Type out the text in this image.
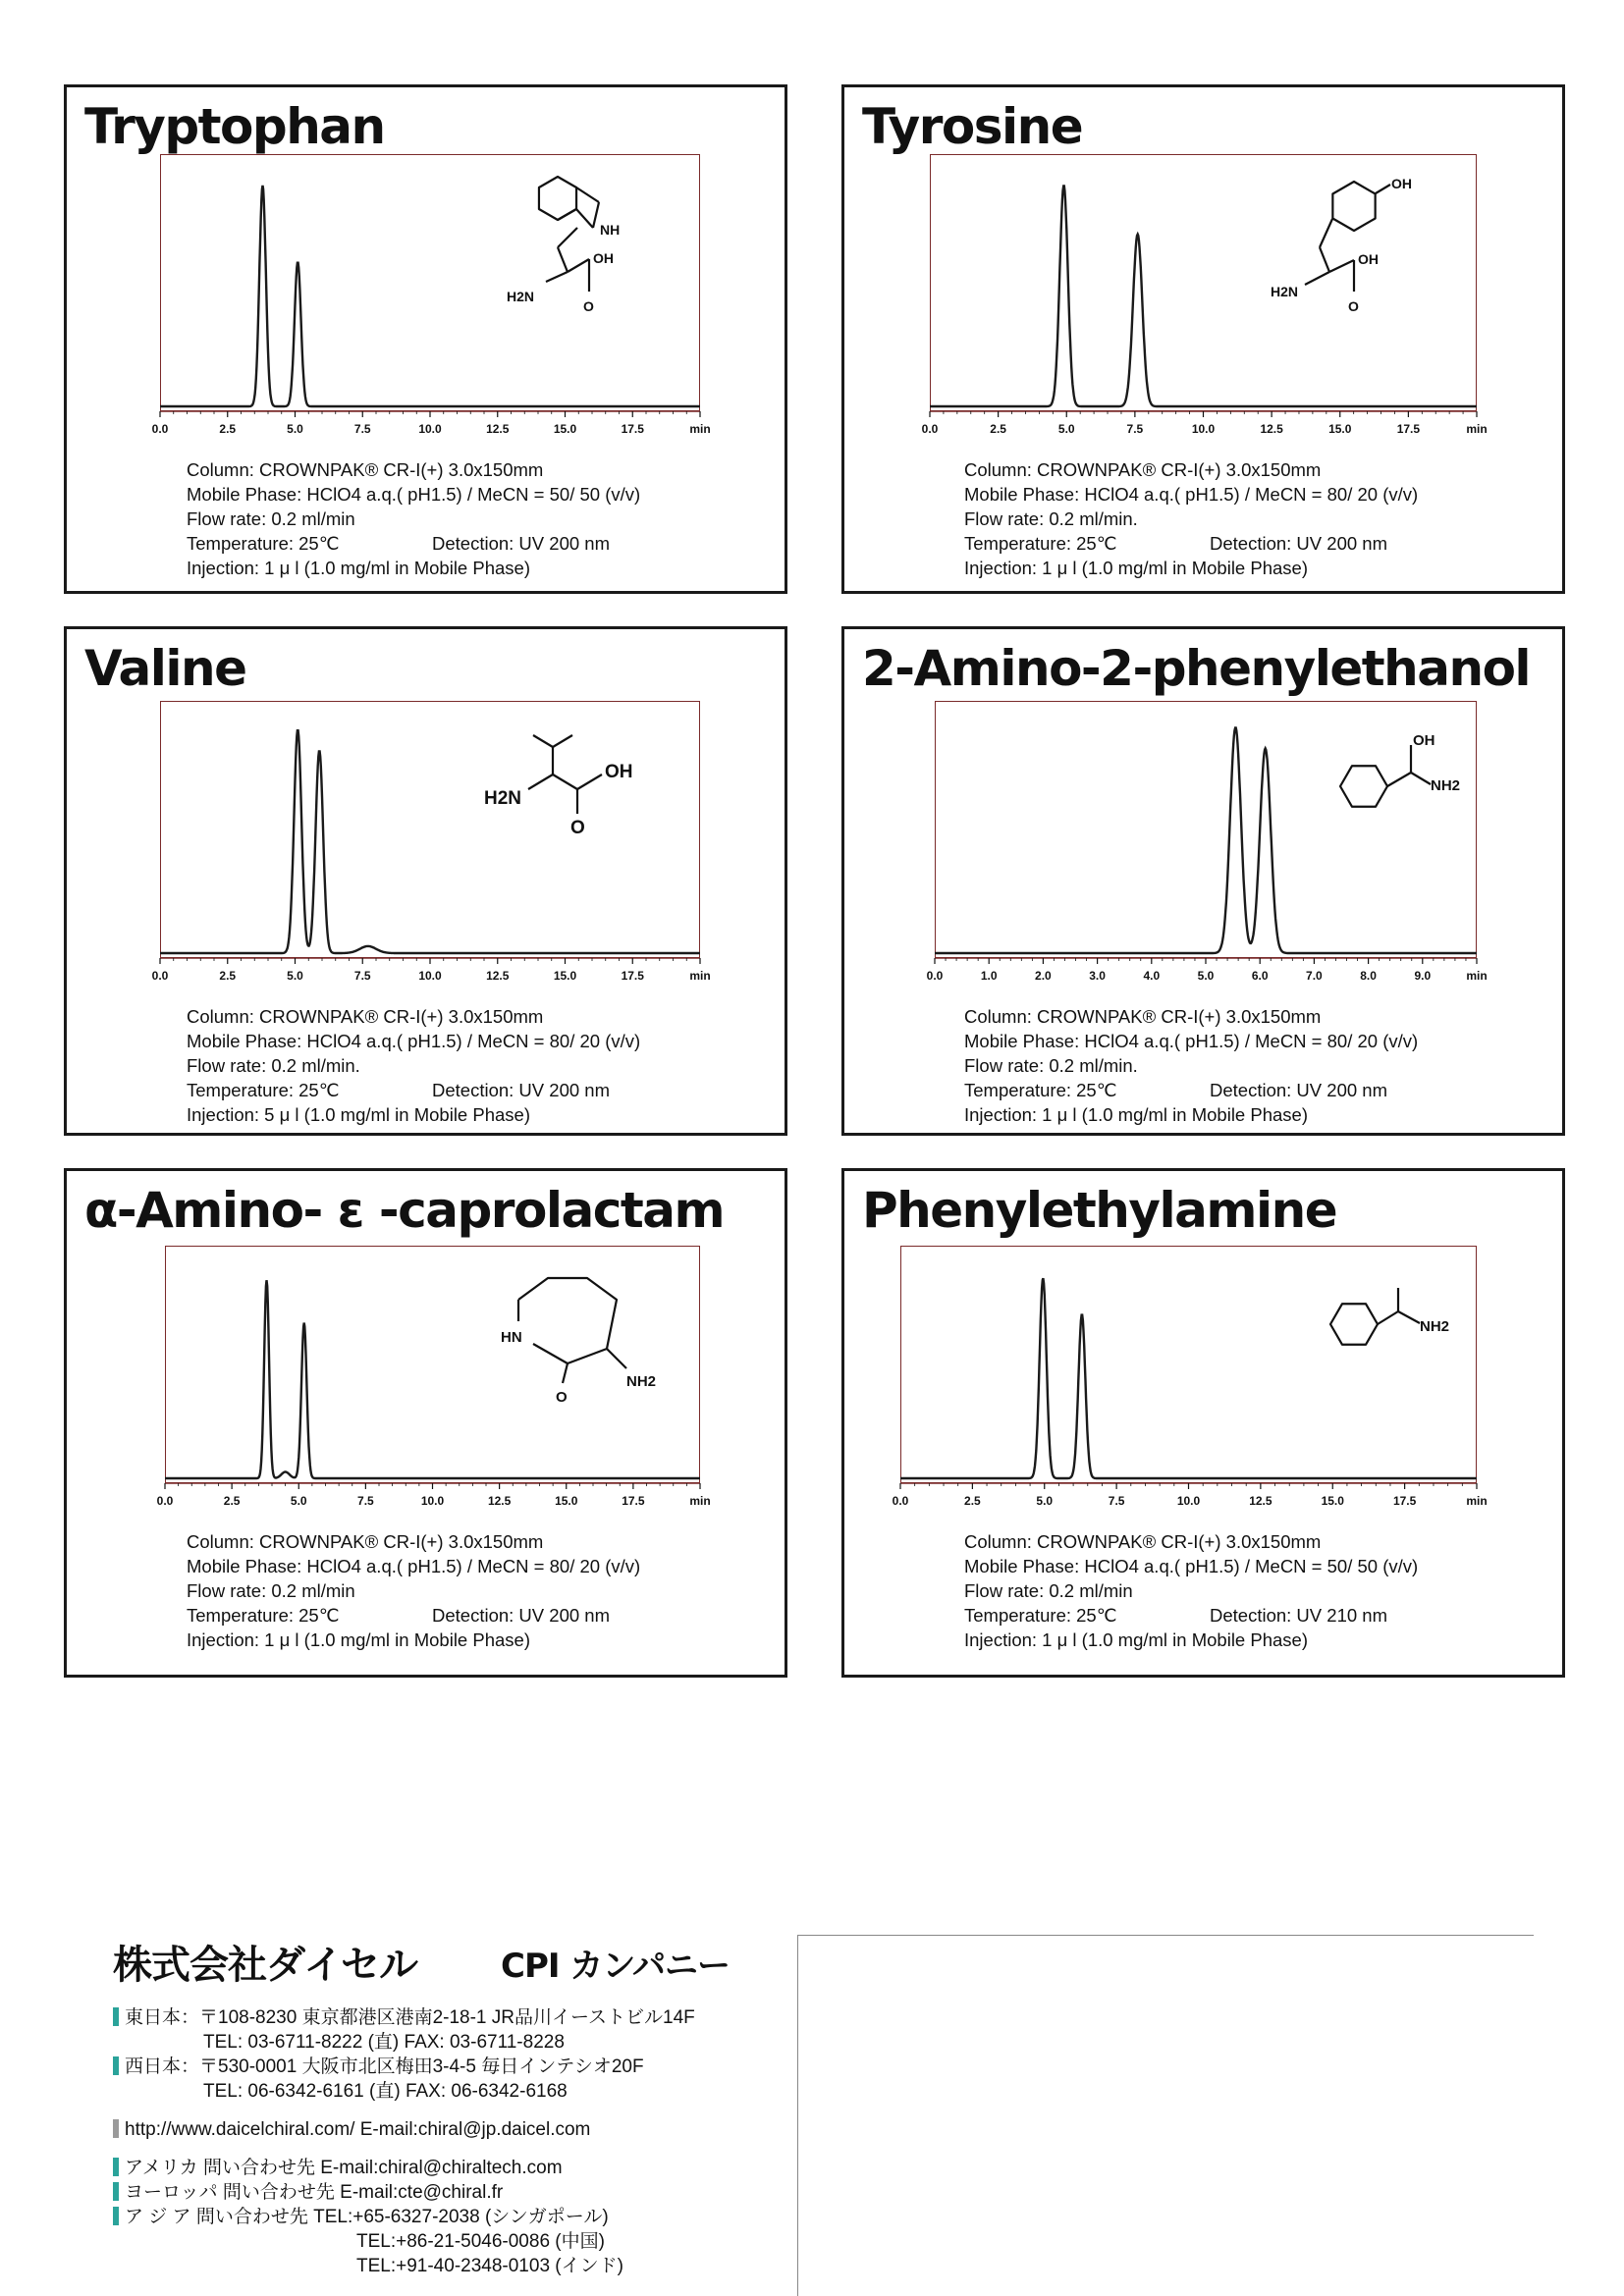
Tryptophan
0.0	2.5	5.0	7.5	10.0	12.5	15.0	17.5	min
NH
H2N
OH
O
Column: CROWNPAK® CR-I(+) 3.0x150mm
Mobile Phase: HClO4 a.q.( pH1.5) / MeCN = 50/ 50 (v/v)
Flow rate: 0.2 ml/min
Temperature: 25℃	Detection: UV 200 nm
Injection: 1 μ l (1.0 mg/ml in Mobile Phase)
Tyrosine
0.0	2.5	5.0	7.5	10.0	12.5	15.0	17.5	min
OH
H2N
OH
O
Column: CROWNPAK® CR-I(+) 3.0x150mm
Mobile Phase: HClO4 a.q.( pH1.5) / MeCN = 80/ 20 (v/v)
Flow rate: 0.2 ml/min.
Temperature: 25℃	Detection: UV 200 nm
Injection: 1 μ l (1.0 mg/ml in Mobile Phase)
Valine
0.0	2.5	5.0	7.5	10.0	12.5	15.0	17.5	min
H2N
OH
O
Column: CROWNPAK® CR-I(+) 3.0x150mm
Mobile Phase: HClO4 a.q.( pH1.5) / MeCN = 80/ 20 (v/v)
Flow rate: 0.2 ml/min.
Temperature: 25℃	Detection: UV 200 nm
Injection: 5 μ l (1.0 mg/ml in Mobile Phase)
2-Amino-2-phenylethanol
0.0	1.0	2.0	3.0	4.0	5.0	6.0	7.0	8.0	9.0	min
OH
NH2
Column: CROWNPAK® CR-I(+) 3.0x150mm
Mobile Phase: HClO4 a.q.( pH1.5) / MeCN = 80/ 20 (v/v)
Flow rate: 0.2 ml/min.
Temperature: 25℃	Detection: UV 200 nm
Injection: 1 μ l (1.0 mg/ml in Mobile Phase)
α-Amino- ε -caprolactam
0.0	2.5	5.0	7.5	10.0	12.5	15.0	17.5	min
HN
O
NH2
Column: CROWNPAK® CR-I(+) 3.0x150mm
Mobile Phase: HClO4 a.q.( pH1.5) / MeCN = 80/ 20 (v/v)
Flow rate: 0.2 ml/min
Temperature: 25℃	Detection: UV 200 nm
Injection: 1 μ l (1.0 mg/ml in Mobile Phase)
Phenylethylamine
0.0	2.5	5.0	7.5	10.0	12.5	15.0	17.5	min
NH2
Column: CROWNPAK® CR-I(+) 3.0x150mm
Mobile Phase: HClO4 a.q.( pH1.5) / MeCN = 50/ 50 (v/v)
Flow rate: 0.2 ml/min
Temperature: 25℃	Detection: UV 210 nm
Injection: 1 μ l (1.0 mg/ml in Mobile Phase)
株式会社ダイセル	CPI カンパニー
東日本：〒108-8230 東京都港区港南2-18-1 JR品川イーストビル14F
TEL: 03-6711-8222 (直) FAX: 03-6711-8228
西日本：〒530-0001 大阪市北区梅田3-4-5 毎日インテシオ20F
TEL: 06-6342-6161 (直) FAX: 06-6342-6168
http://www.daicelchiral.com/ E-mail:chiral@jp.daicel.com
アメリカ 問い合わせ先 E-mail:chiral@chiraltech.com
ヨーロッパ 問い合わせ先 E-mail:cte@chiral.fr
ア ジ ア 問い合わせ先 TEL:+65-6327-2038 (シンガポール)
TEL:+86-21-5046-0086 (中国)
TEL:+91-40-2348-0103 (インド)
